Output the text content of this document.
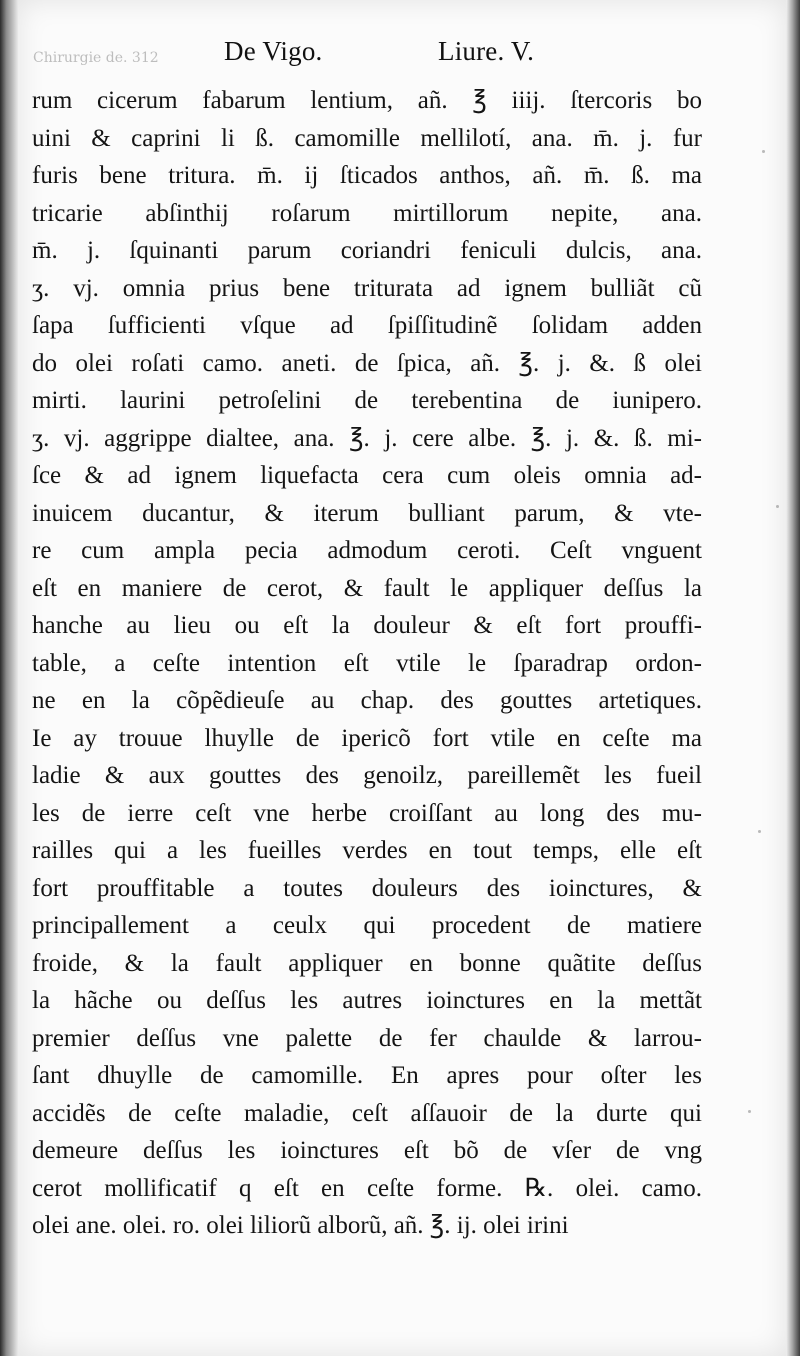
Chirurgie de. 312 De Vigo.	Liure. V.
rum cicerum fabarum lentium, añ. ℥ iiij. ſtercoris bo
uini & caprini li ß. camomille mellilotí, ana. m̄. j. fur
furis bene tritura. m̄. ij ſticados anthos, añ. m̄. ß. ma
tricarie abſinthij roſarum mirtillorum nepite, ana.
m̄. j. ſquinanti parum coriandri feniculi dulcis, ana.
ʒ. vj. omnia prius bene triturata ad ignem bulliãt cũ
ſapa ſufficienti vſque ad ſpiſſitudinẽ ſolidam adden
do olei roſati camo. aneti. de ſpica, añ. ℥. j. &. ß olei
mirti. laurini petroſelini de terebentina de iunipero.
ʒ. vj. aggrippe dialtee, ana. ℥. j. cere albe. ℥. j. &. ß. mi-
ſce & ad ignem liquefacta cera cum oleis omnia ad-
inuicem ducantur, & iterum bulliant parum, & vte-
re cum ampla pecia admodum ceroti. Ceſt vnguent
eſt en maniere de cerot, & fault le appliquer deſſus la
hanche au lieu ou eſt la douleur & eſt fort prouffi-
table, a ceſte intention eſt vtile le ſparadrap ordon-
ne en la cõpẽdieuſe au chap. des gouttes artetiques.
Ie ay trouue lhuylle de ipericõ fort vtile en ceſte ma
ladie & aux gouttes des genoilz, pareillemẽt les fueil
les de ierre ceſt vne herbe croiſſant au long des mu-
railles qui a les fueilles verdes en tout temps, elle eſt
fort prouffitable a toutes douleurs des ioinctures, &
principallement a ceulx qui procedent de matiere
froide, & la fault appliquer en bonne quãtite deſſus
la hãche ou deſſus les autres ioinctures en la mettãt
premier deſſus vne palette de fer chaulde & larrou-
ſant dhuylle de camomille. En apres pour oſter les
accidẽs de ceſte maladie, ceſt aſſauoir de la durte qui
demeure deſſus les ioinctures eſt bõ de vſer de vng
cerot mollificatif q eſt en ceſte forme. ℞. olei. camo.
olei ane. olei. ro. olei liliorũ alborũ, añ. ℥. ij. olei irini
